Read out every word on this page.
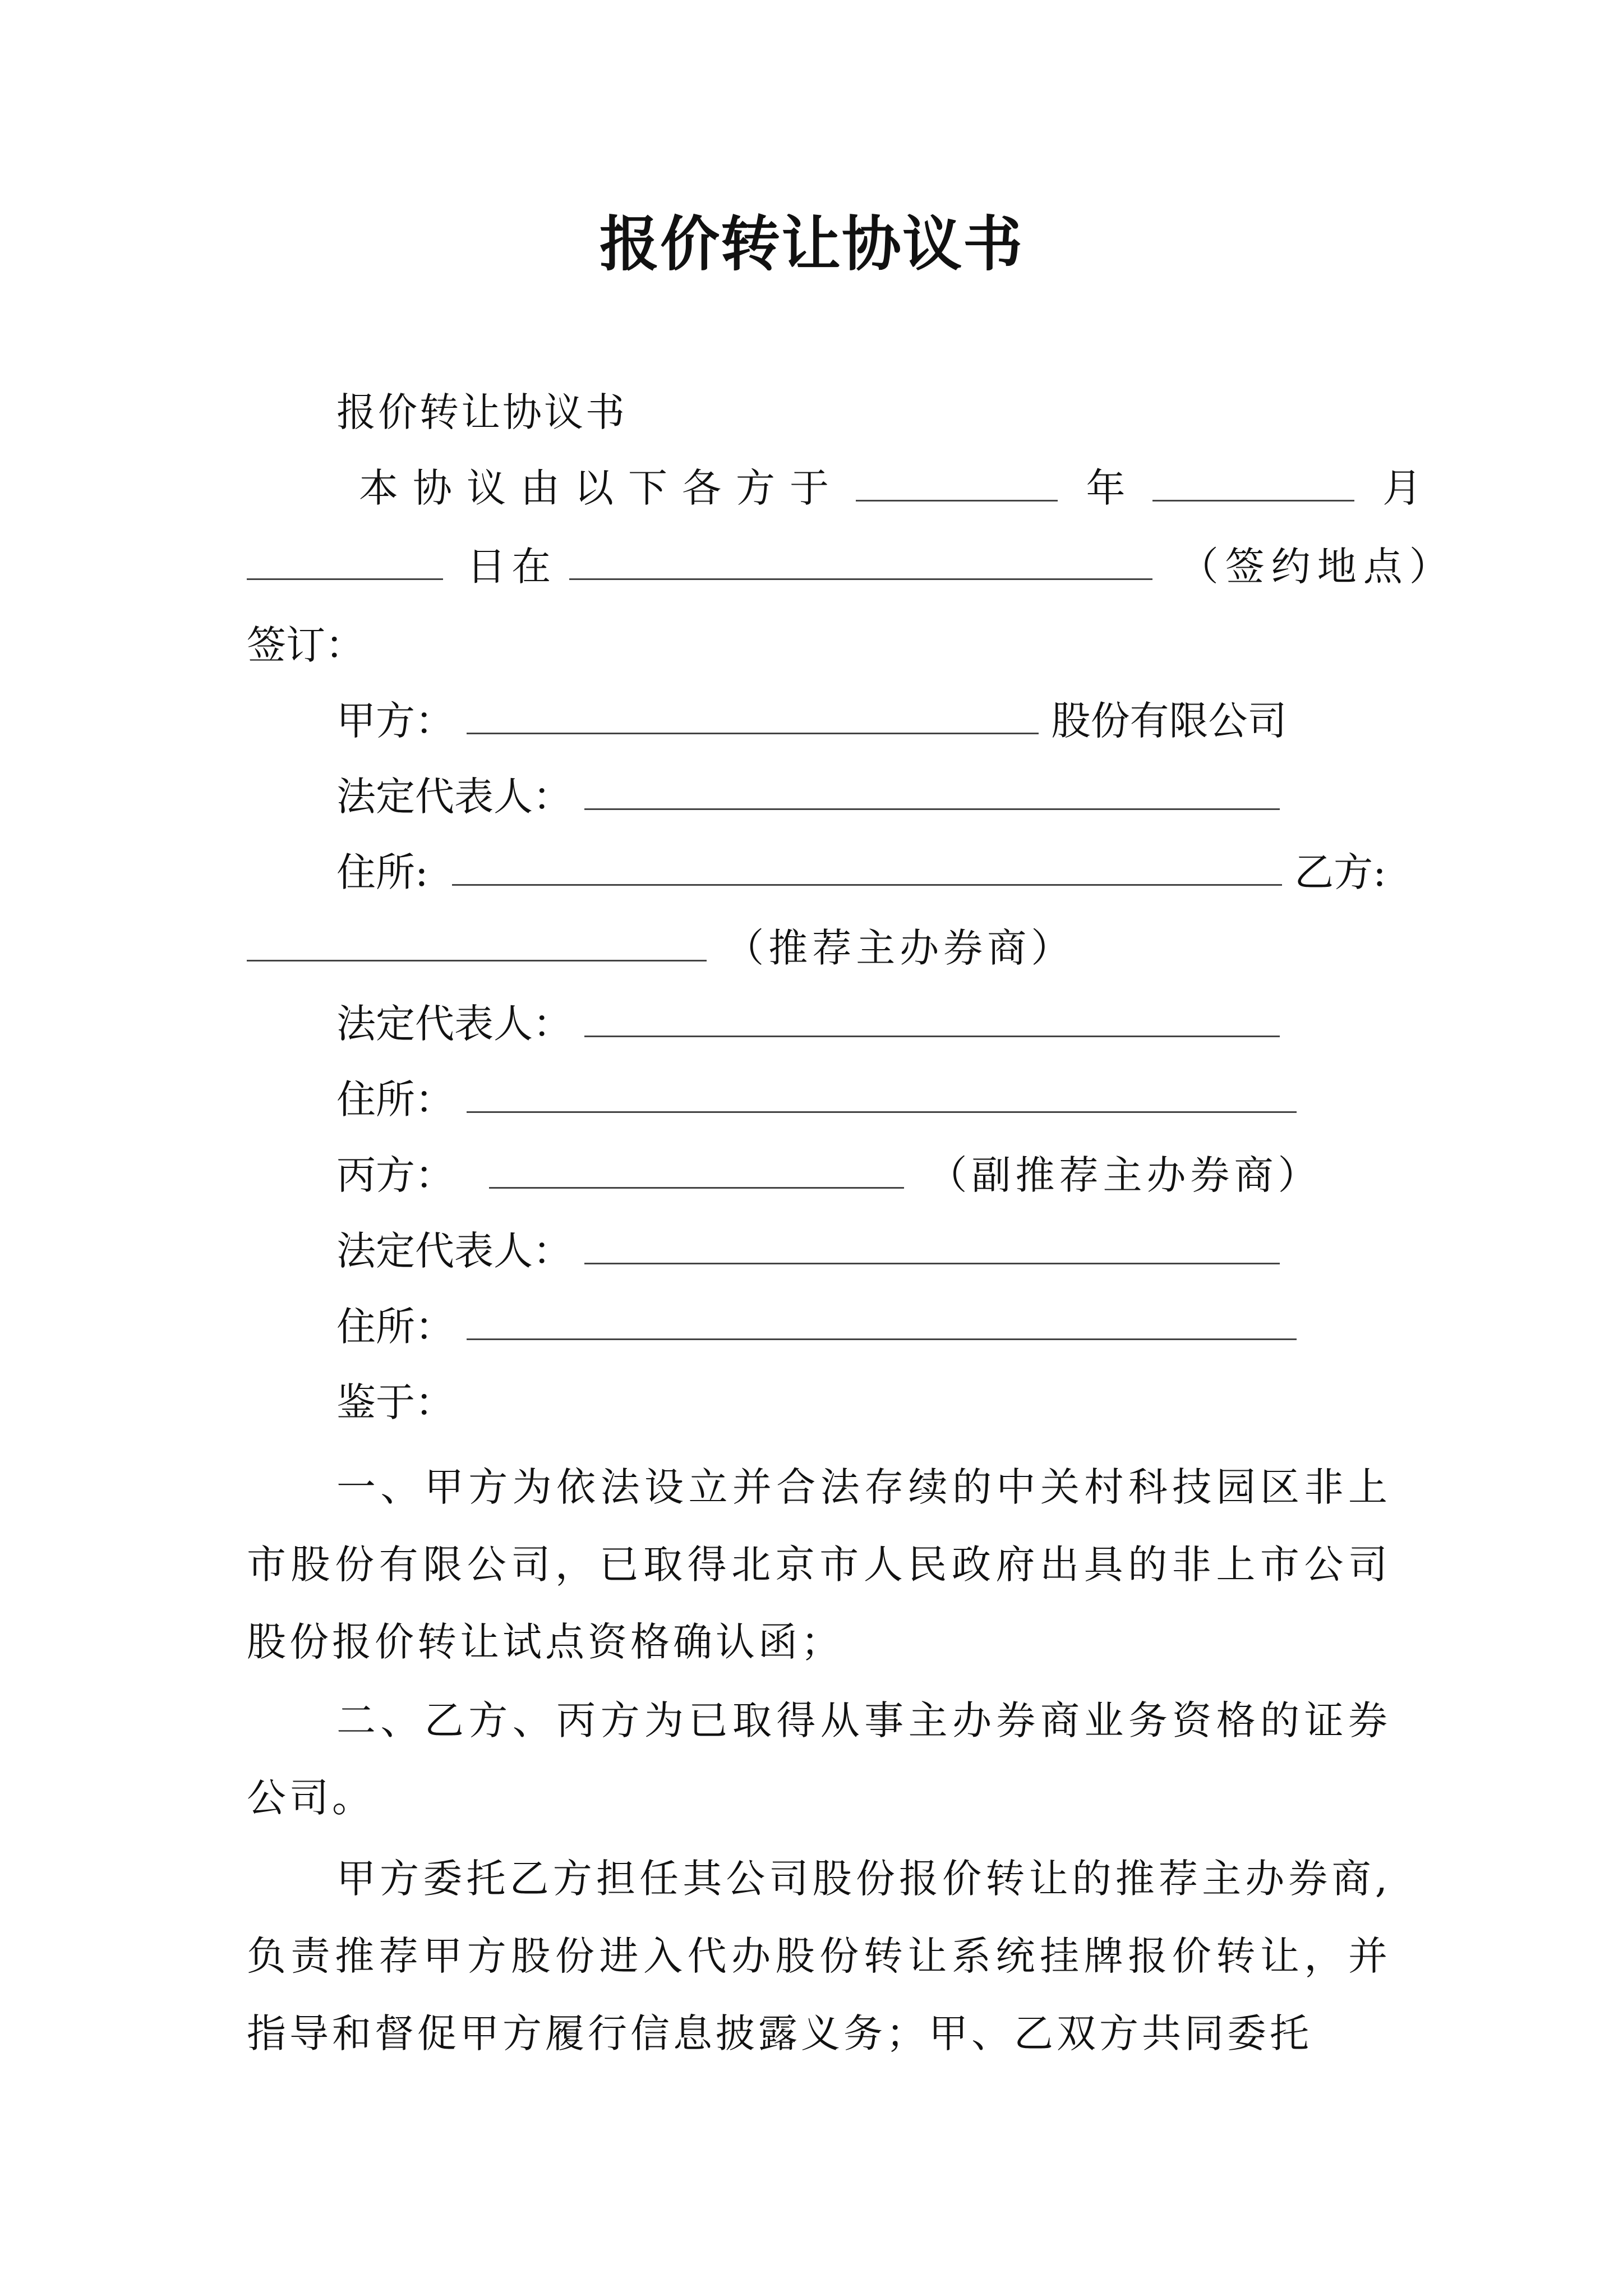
报价转让协议书
报价转让协议书
本协议由以下各方于	年	月
日在	（签约地点）
签订：
甲方：	股份有限公司
法定代表人：
住所:	乙方:
（推荐主办券商）
法定代表人：
住所：
丙方：	（副推荐主办券商）
法定代表人：
住所：
鉴于：
一、甲方为依法设立并合法存续的中关村科技园区非上市股份有限公司，已取得北京市人民政府出具的非上市公司股份报价转让试点资格确认函；
二、乙方、丙方为已取得从事主办券商业务资格的证券公司。
甲方委托乙方担任其公司股份报价转让的推荐主办券商,负责推荐甲方股份进入代办股份转让系统挂牌报价转让，并指导和督促甲方履行信息披露义务；甲、乙双方共同委托
